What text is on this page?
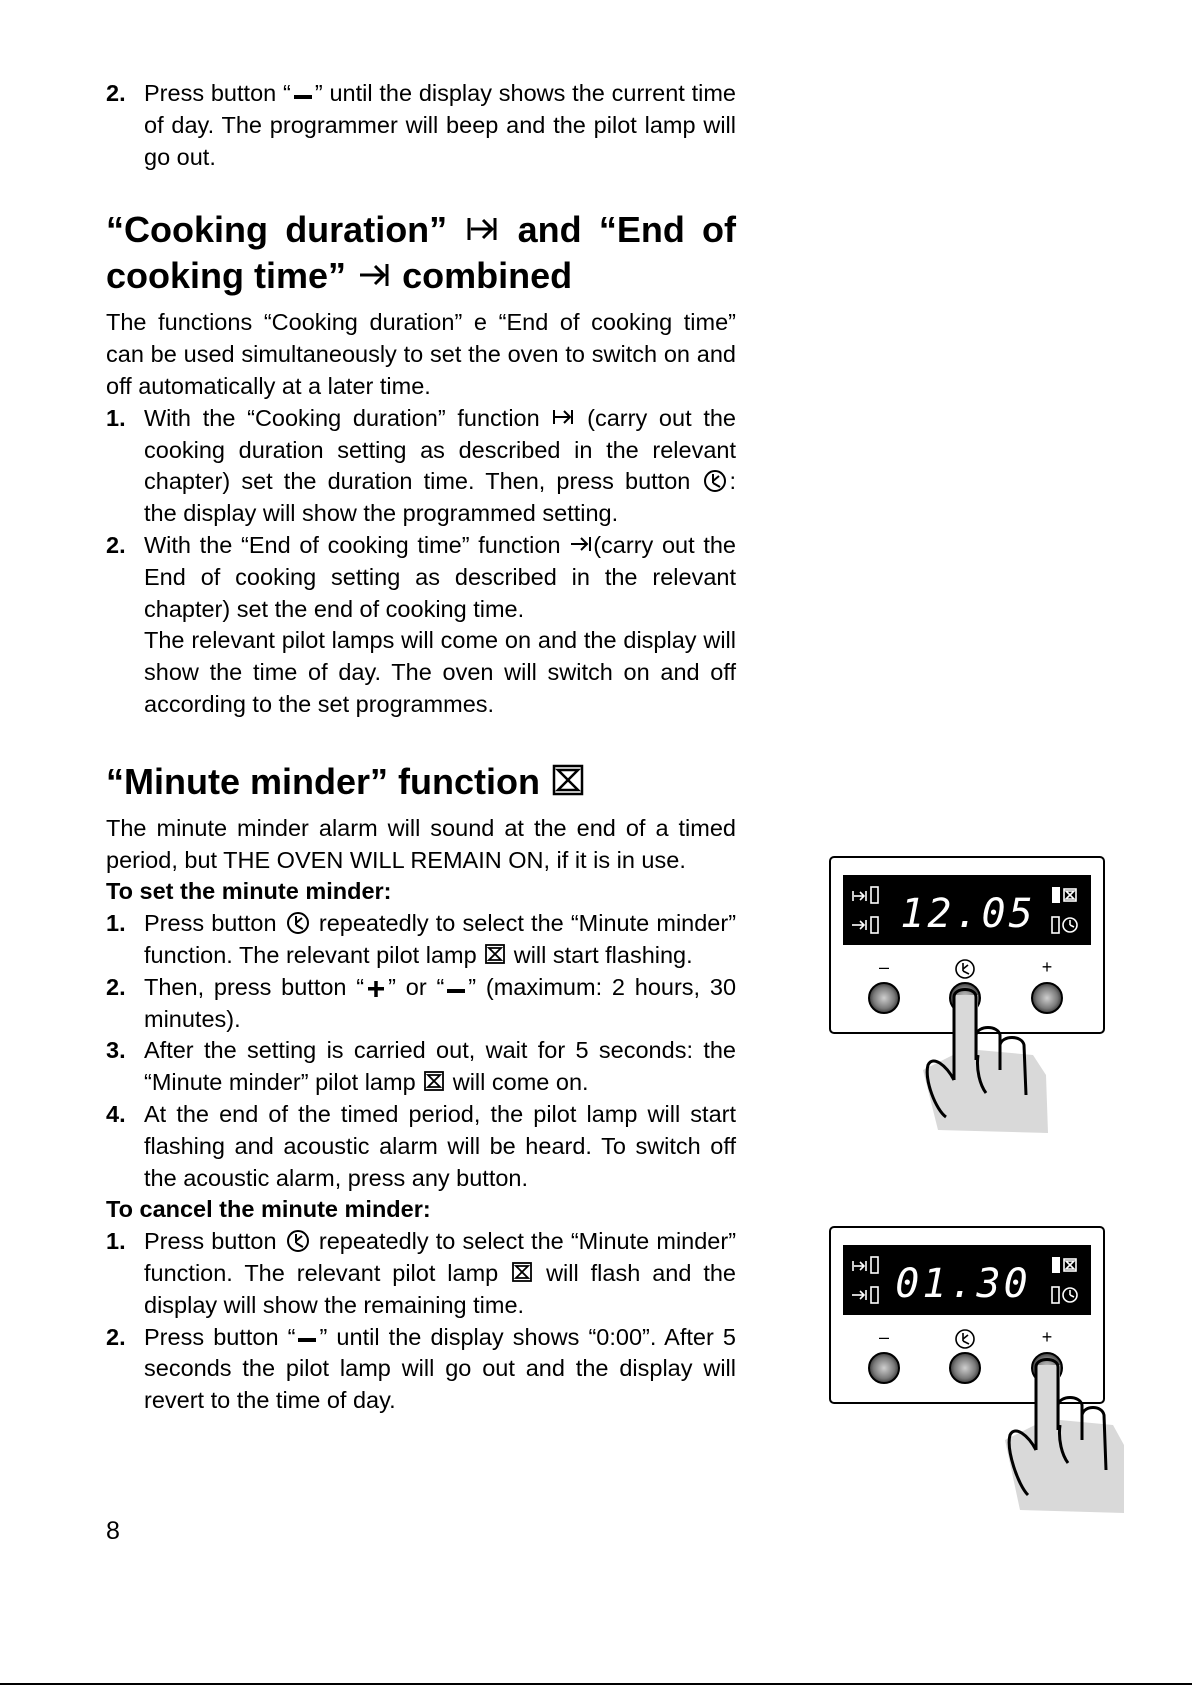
2. Press button “ ” until the display shows the current time of day. The programmer will beep and the pilot lamp will go out.
“Cooking duration” and “End of cooking time” combined

The functions “Cooking duration” e “End of cooking time” can be used simultaneously to set the oven to switch on and off automatically at a later time.

1. With the “Cooking duration” function (carry out the cooking duration setting as described in the relevant chapter) set the duration time. Then, press button : the display will show the programmed setting.
2. With the “End of cooking time” function (carry out the End of cooking setting as described in the relevant chapter) set the end of cooking time.
The relevant pilot lamps will come on and the display will show the time of day. The oven will switch on and off according to the set programmes.
“Minute minder” function

The minute minder alarm will sound at the end of a timed period, but THE OVEN WILL REMAIN ON, if it is in use.

To set the minute minder:

1. Press button repeatedly to select the “Minute minder” function. The relevant pilot lamp will start flashing.
2. Then, press button “ ” or “ ” (maximum: 2 hours, 30 minutes).
3. After the setting is carried out, wait for 5 seconds: the “Minute minder” pilot lamp will come on.
4. At the end of the timed period, the pilot lamp will start flashing and acoustic alarm will be heard. To switch off the acoustic alarm, press any button.

To cancel the minute minder:

1. Press button repeatedly to select the “Minute minder” function. The relevant pilot lamp will flash and the display will show the remaining time.
2. Press button “ ” until the display shows “0:00”. After 5 seconds the pilot lamp will go out and the display will revert to the time of day.
12.05
–	+
01.30
–	+
8
